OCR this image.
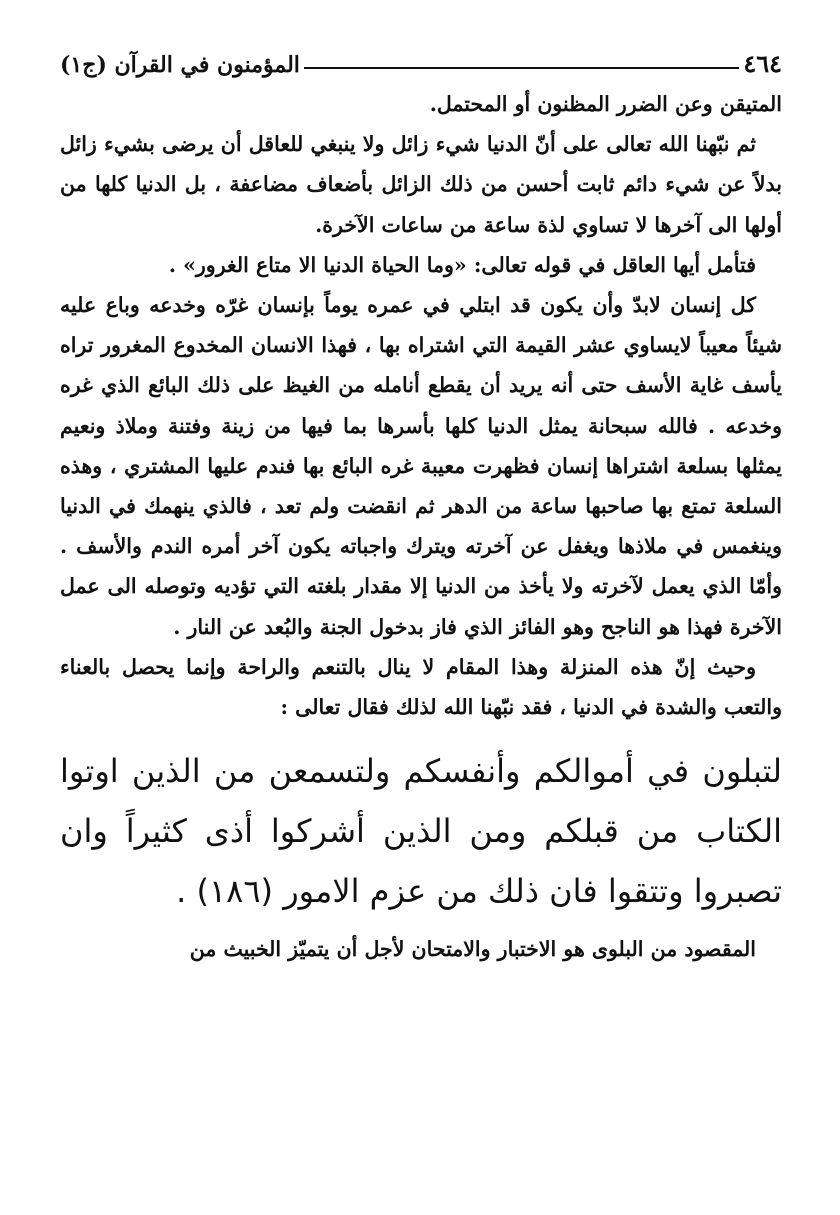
٤٦٤
المؤمنون في القرآن (ج١)

المتيقن وعن الضرر المظنون أو المحتمل.

ثم نبّهنا الله تعالى على أنّ الدنيا شيء زائل ولا ينبغي للعاقل أن يرضى بشيء زائل بدلاً عن شيء دائم ثابت أحسن من ذلك الزائل بأضعاف مضاعفة ، بل الدنيا كلها من أولها الى آخرها لا تساوي لذة ساعة من ساعات الآخرة.

فتأمل أيها العاقل في قوله تعالى: «وما الحياة الدنيا الا متاع الغرور» .

كل إنسان لابدّ وأن يكون قد ابتلي في عمره يوماً بإنسان غرّه وخدعه وباع عليه شيئاً معيباً لايساوي عشر القيمة التي اشتراه بها ، فهذا الانسان المخدوع المغرور تراه يأسف غاية الأسف حتى أنه يريد أن يقطع أنامله من الغيظ على ذلك البائع الذي غره وخدعه . فالله سبحانة يمثل الدنيا كلها بأسرها بما فيها من زينة وفتنة وملاذ ونعيم يمثلها بسلعة اشتراها إنسان فظهرت معيبة غره البائع بها فندم عليها المشتري ، وهذه السلعة تمتع بها صاحبها ساعة من الدهر ثم انقضت ولم تعد ، فالذي ينهمك في الدنيا وينغمس في ملاذها ويغفل عن آخرته ويترك واجباته يكون آخر أمره الندم والأسف . وأمّا الذي يعمل لآخرته ولا يأخذ من الدنيا إلا مقدار بلغته التي تؤديه وتوصله الى عمل الآخرة فهذا هو الناجح وهو الفائز الذي فاز بدخول الجنة والبُعد عن النار .

وحيث إنّ هذه المنزلة وهذا المقام لا ينال بالتنعم والراحة وإنما يحصل بالعناء والتعب والشدة في الدنيا ، فقد نبّهنا الله لذلك فقال تعالى :

لتبلون في أموالكم وأنفسكم ولتسمعن من الذين اوتوا الكتاب من قبلكم ومن الذين أشركوا أذى كثيراً وان تصبروا وتتقوا فان ذلك من عزم الامور (١٨٦) .

المقصود من البلوى هو الاختبار والامتحان لأجل أن يتميّز الخبيث من
